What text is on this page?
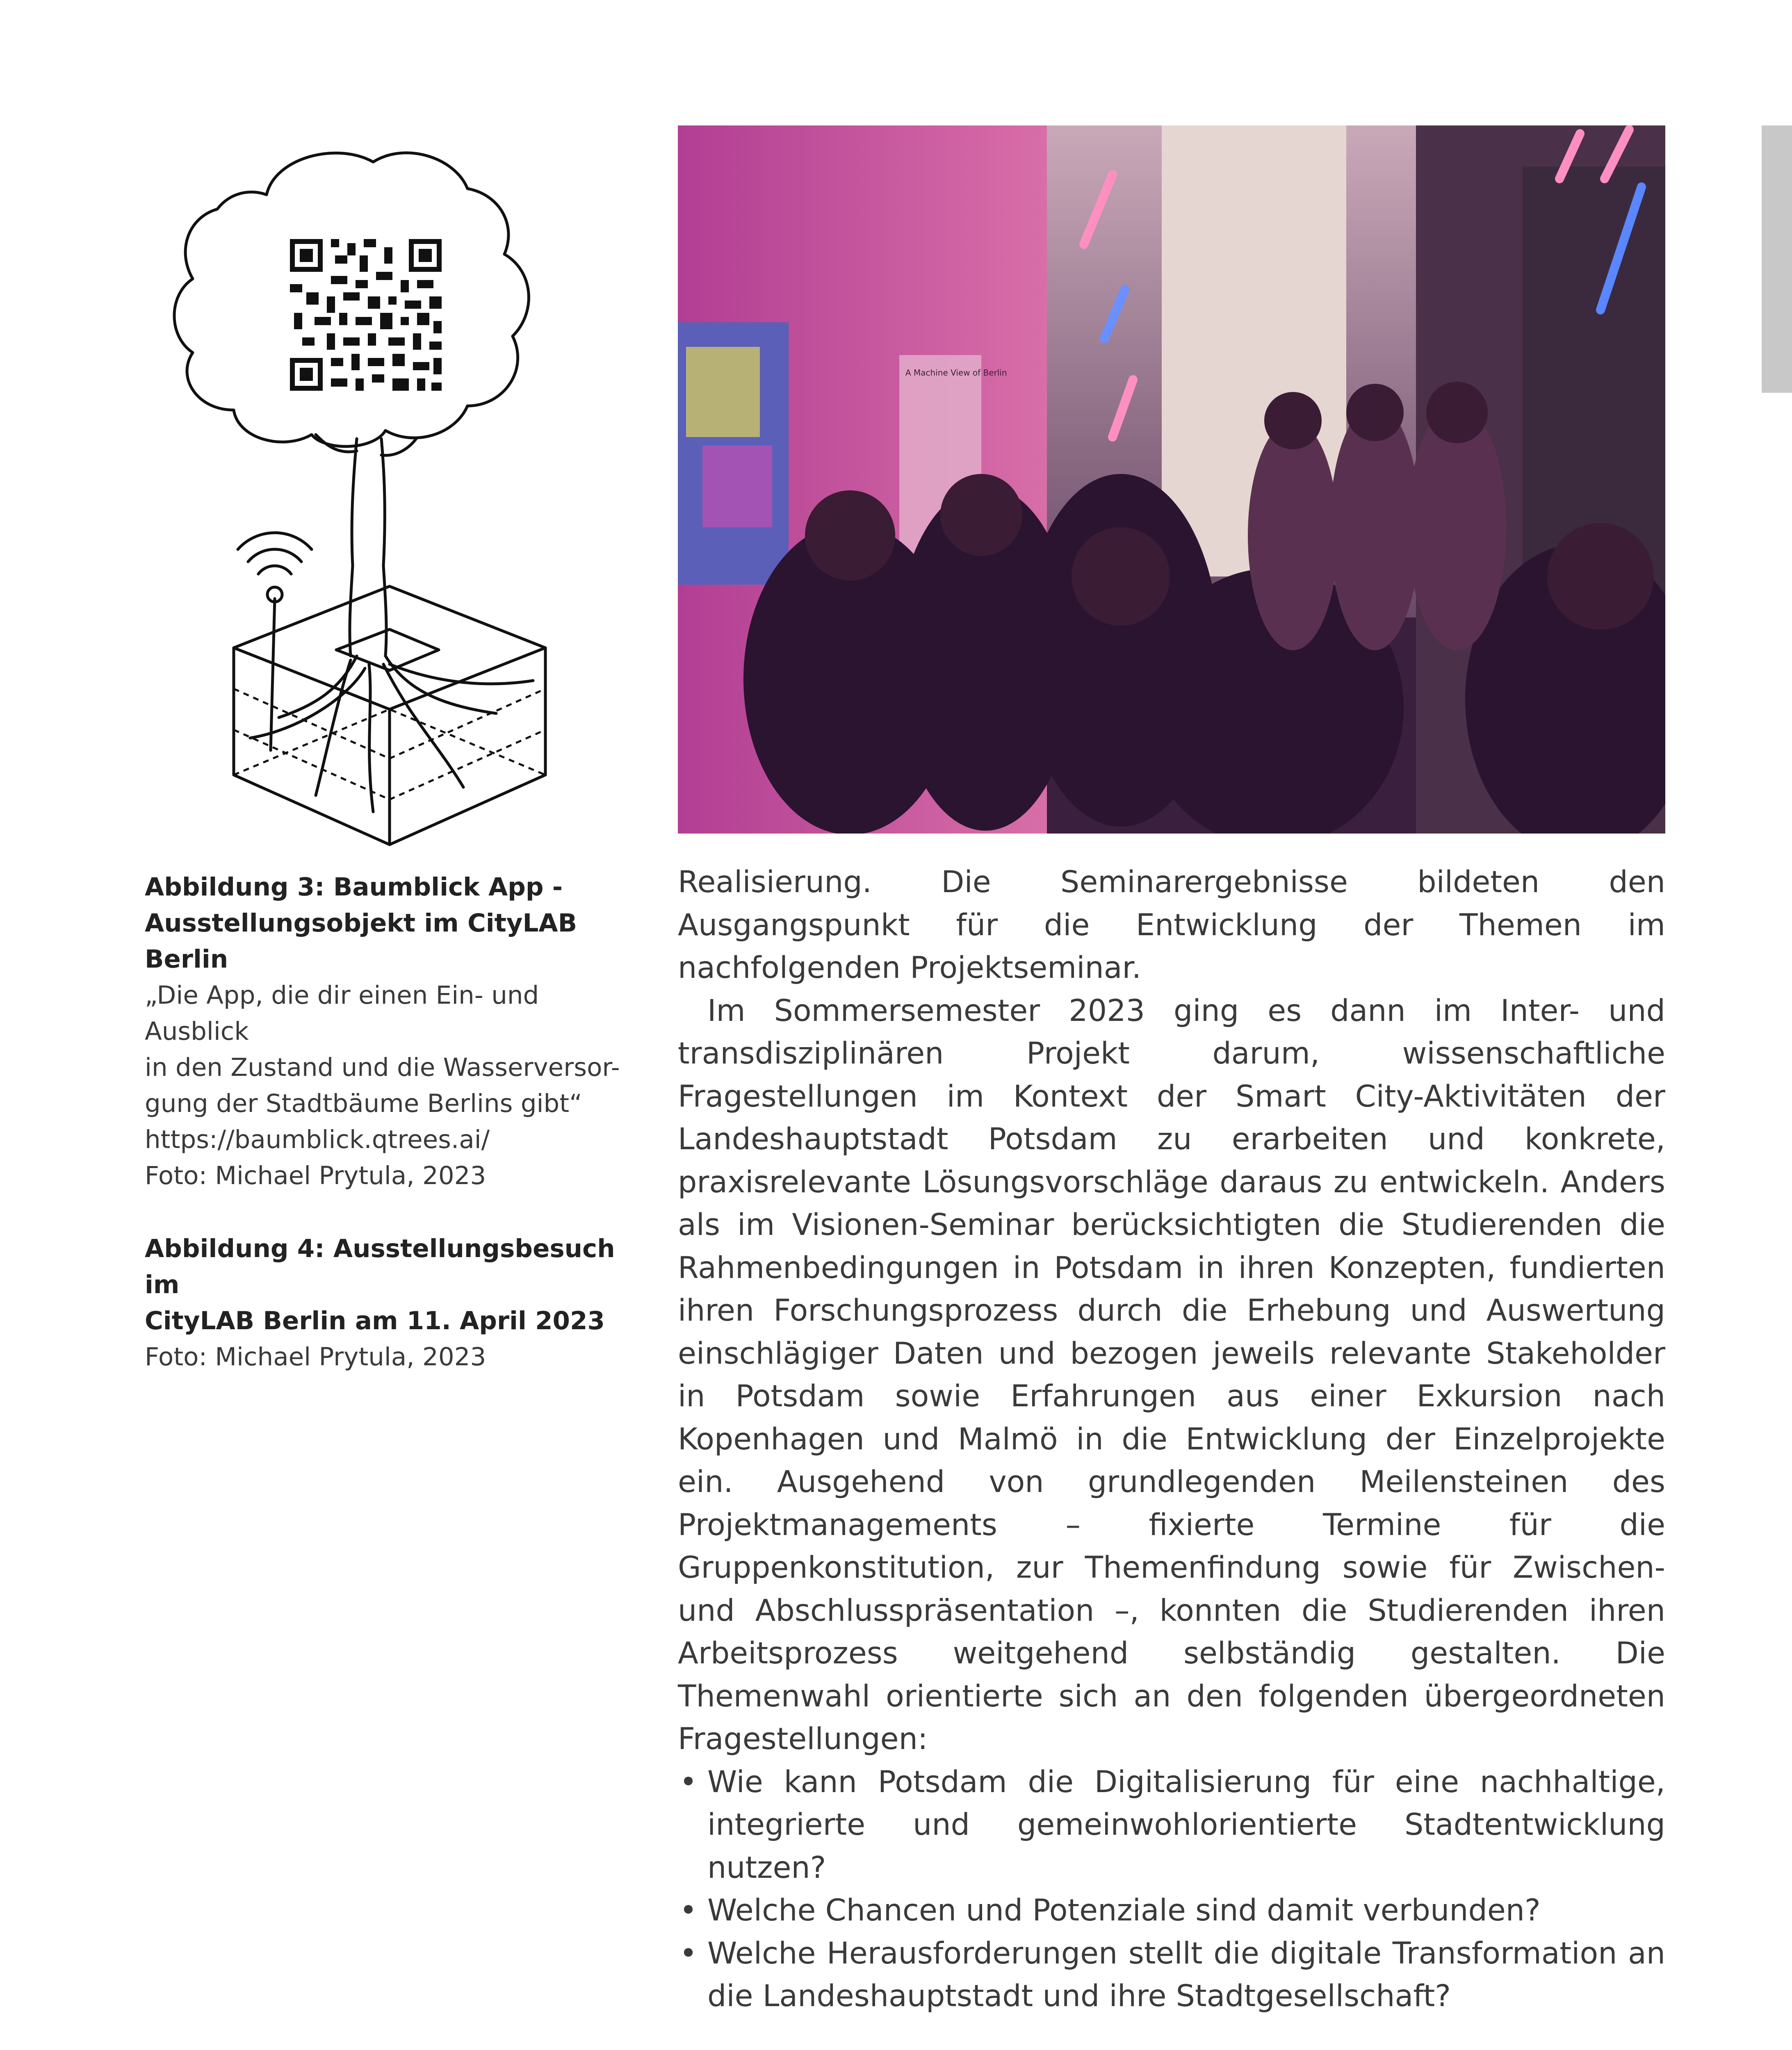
A Machine View of Berlin
Abbildung 3: Baumblick App -
Ausstellungsobjekt im CityLAB Berlin
„Die App, die dir einen Ein- und Ausblick
in den Zustand und die Wasserversor-
gung der Stadtbäume Berlins gibt“
https://baumblick.qtrees.ai/
Foto: Michael Prytula, 2023
Abbildung 4: Ausstellungsbesuch im
CityLAB Berlin am 11. April 2023
Foto: Michael Prytula, 2023

Realisierung. Die Seminarergebnisse bildeten den Ausgangspunkt für die Entwicklung der Themen im nachfolgenden Projektseminar.

Im Sommersemester 2023 ging es dann im Inter- und transdisziplinären Projekt darum, wissenschaftliche Fragestellungen im Kontext der Smart City-Aktivitäten der Landeshauptstadt Potsdam zu erarbeiten und konkrete, praxisrelevante Lösungsvorschläge daraus zu entwickeln. Anders als im Visionen-Seminar berücksichtigten die Studierenden die Rahmenbedingungen in Potsdam in ihren Konzepten, fundierten ihren Forschungsprozess durch die Erhebung und Auswertung einschlägiger Daten und bezogen jeweils relevante Stakeholder in Potsdam sowie Erfahrungen aus einer Exkursion nach Kopenhagen und Malmö in die Entwicklung der Einzelprojekte ein. Ausgehend von grundlegenden Meilensteinen des Projektmanagements – fixierte Termine für die Gruppenkonstitution, zur Themenfindung sowie für Zwischen- und Abschlusspräsentation –, konnten die Studierenden ihren Arbeitsprozess weitgehend selbständig gestalten. Die Themenwahl orientierte sich an den folgenden übergeordneten Fragestellungen:

• Wie kann Potsdam die Digitalisierung für eine nachhaltige, integrierte und gemeinwohlorientierte Stadtentwicklung nutzen?
• Welche Chancen und Potenziale sind damit verbunden?
• Welche Herausforderungen stellt die digitale Transformation an die Landeshauptstadt und ihre Stadtgesellschaft?
